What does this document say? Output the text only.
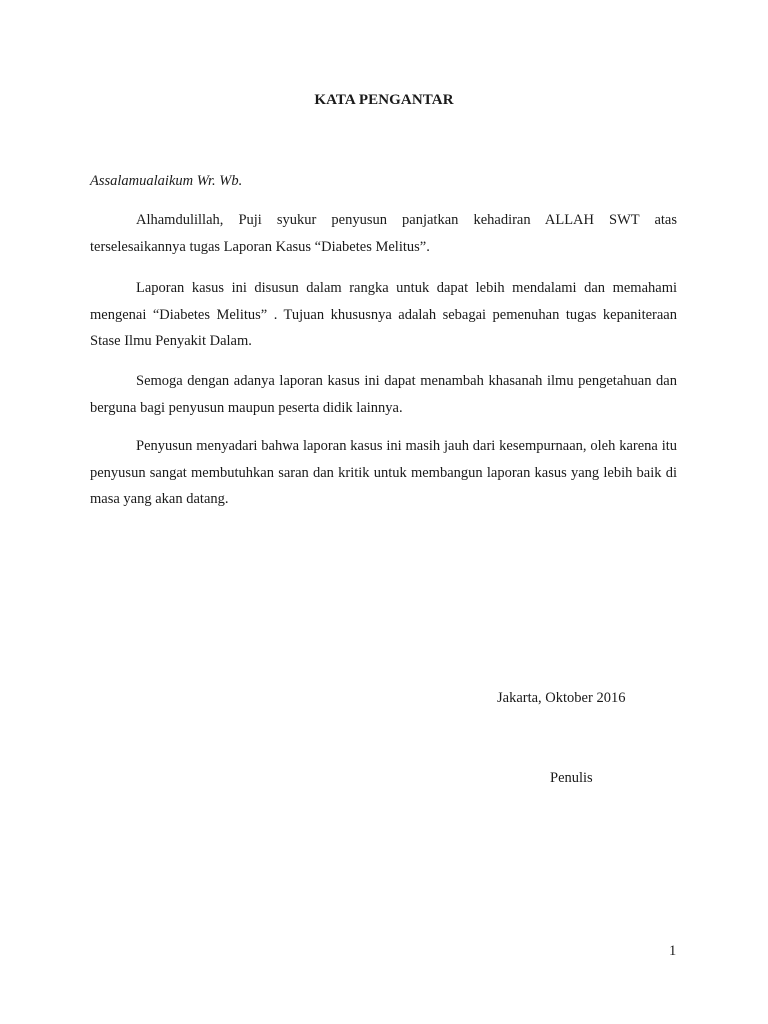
KATA PENGANTAR
Assalamualaikum Wr. Wb.

Alhamdulillah, Puji syukur penyusun panjatkan kehadiran ALLAH SWT atas terselesaikannya tugas Laporan Kasus “Diabetes Melitus”.

Laporan kasus ini disusun dalam rangka untuk dapat lebih mendalami dan memahami mengenai “Diabetes Melitus” . Tujuan khususnya adalah sebagai pemenuhan tugas kepaniteraan Stase Ilmu Penyakit Dalam.

Semoga dengan adanya laporan kasus ini dapat menambah khasanah ilmu pengetahuan dan berguna bagi penyusun maupun peserta didik lainnya.

Penyusun menyadari bahwa laporan kasus ini masih jauh dari kesempurnaan, oleh karena itu penyusun sangat membutuhkan saran dan kritik untuk membangun laporan kasus yang lebih baik di masa yang akan datang.

Jakarta, Oktober 2016
Penulis
1
